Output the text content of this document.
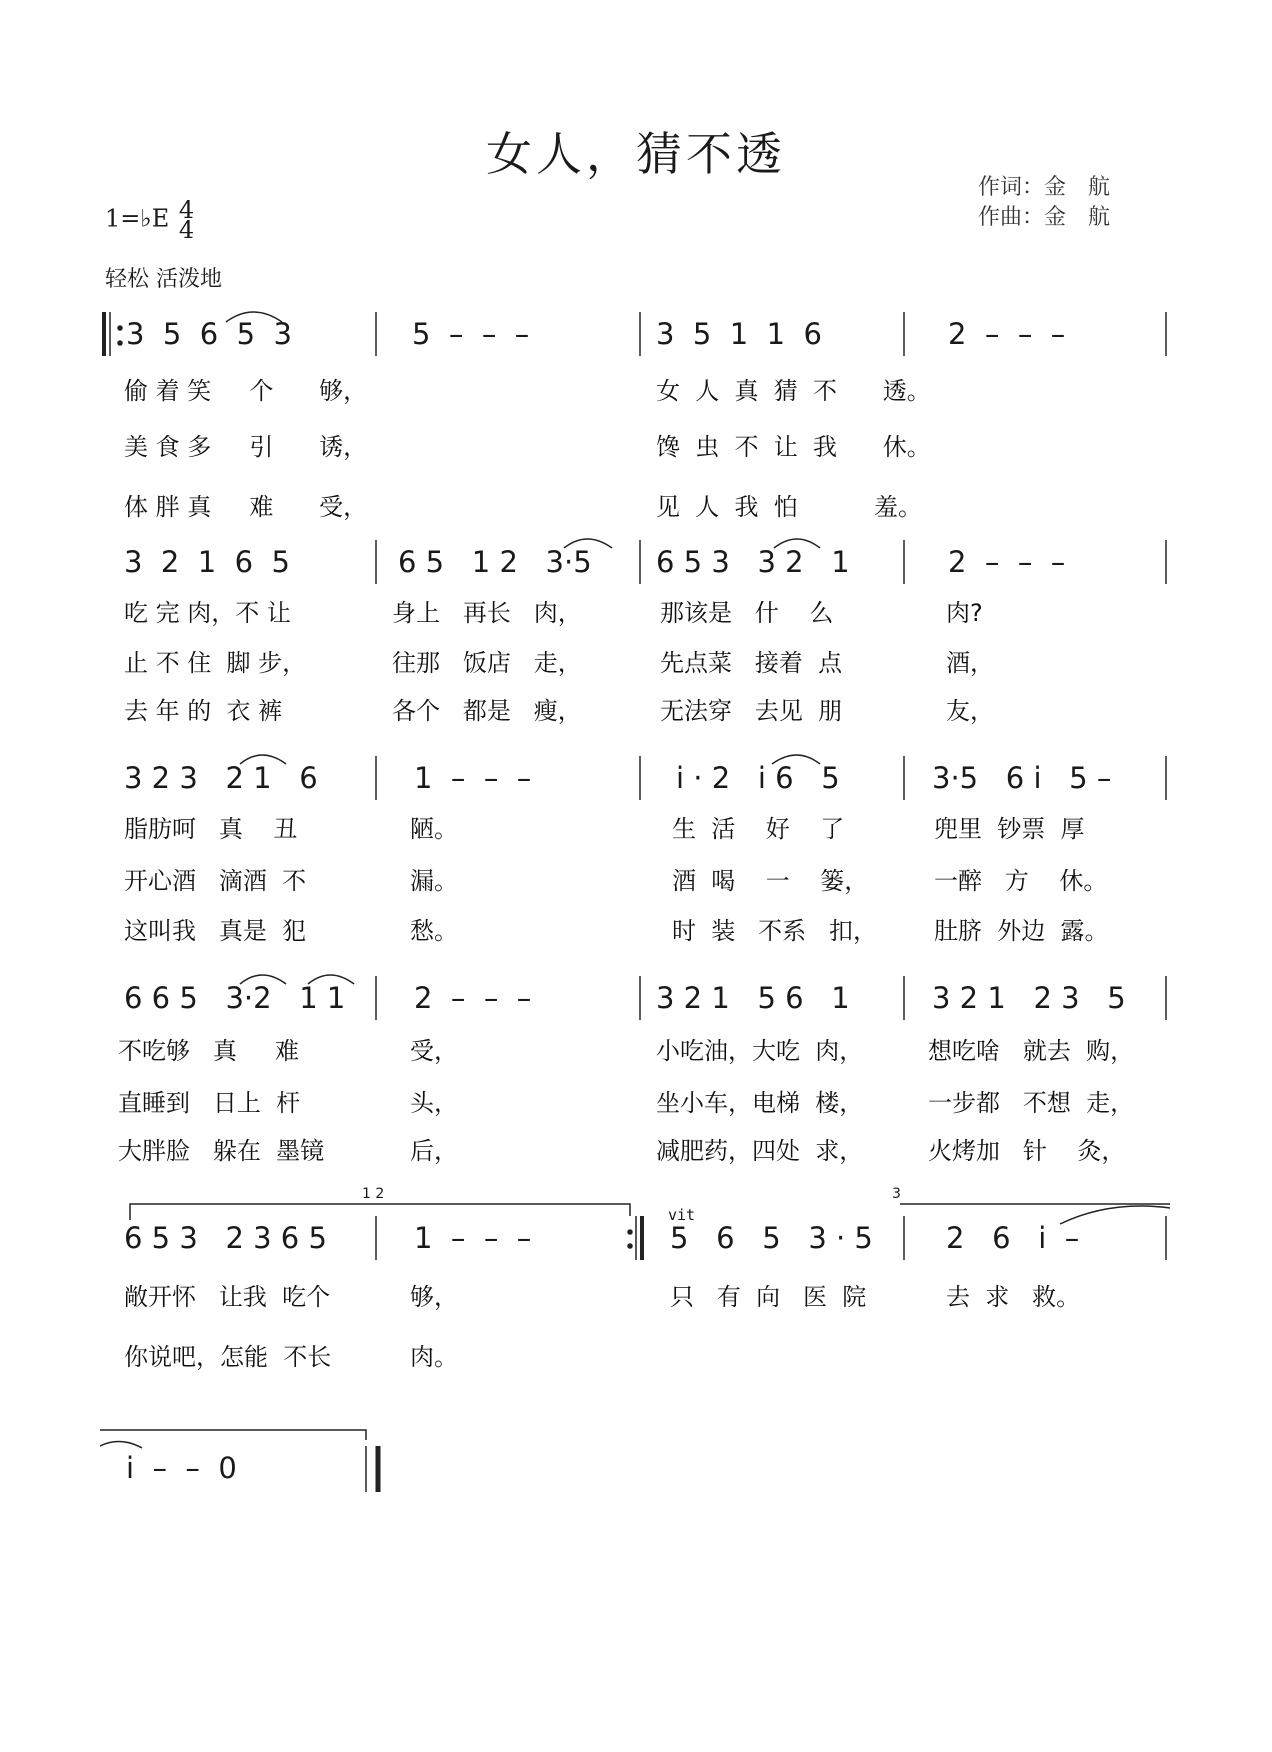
女人，猜不透
作词：金　航
作曲：金　航
1=♭E 4
4
轻松 活泼地
3  5  6  5  3	5  –  –  –	3  5  1  1  6	2  –  –  –
偷 着 笑     个      够，	女  人  真  猜  不      透。
美 食 多     引      诱，	馋  虫  不  让  我      休。
体 胖 真     难      受，	见  人  我  怕          羞。
3  2  1  6  5	6 5   1 2   3·5 6 5 3   3 2   1	2  –  –  –
吃 完 肉，不 让	身上   再长   肉，	那该是   什    么	肉?
止 不 住  脚 步，	往那   饭店   走，	先点菜   接着  点	酒，
去 年 的  衣 裤	各个   都是   瘦，	无法穿   去见  朋	友，
3 2 3   2 1   6	1  –  –  –	i · 2   i 6   5	3·5   6 i   5 –
脂肪呵   真    丑	陋。	生  活    好    了	兜里  钞票  厚
开心酒   滴酒  不	漏。	酒  喝    一    篓，	一醉   方    休。
这叫我   真是  犯	愁。	时  装   不系   扣， 肚脐  外边  露。
6 6 5   3·2   1 1 2  –  –  –	3 2 1   5 6   1	3 2 1   2 3   5
不吃够   真     难	受，	小吃油，大吃  肉，	想吃啥   就去  购，
直睡到   日上  杆	头，	坐小车，电梯  楼，	一步都   不想  走，
大胖脸   躲在  墨镜	后，	减肥药，四处  求，	火烤加   针    灸，
1 2	3
vit
6 5 3   2 3 6 5	1  –  –  –	5   6   5   3 · 5	2   6   i  –
敞开怀   让我  吃个	够，	只   有  向   医  院	去  求   救。
你说吧，怎能  不长	肉。
i  –  –  0
